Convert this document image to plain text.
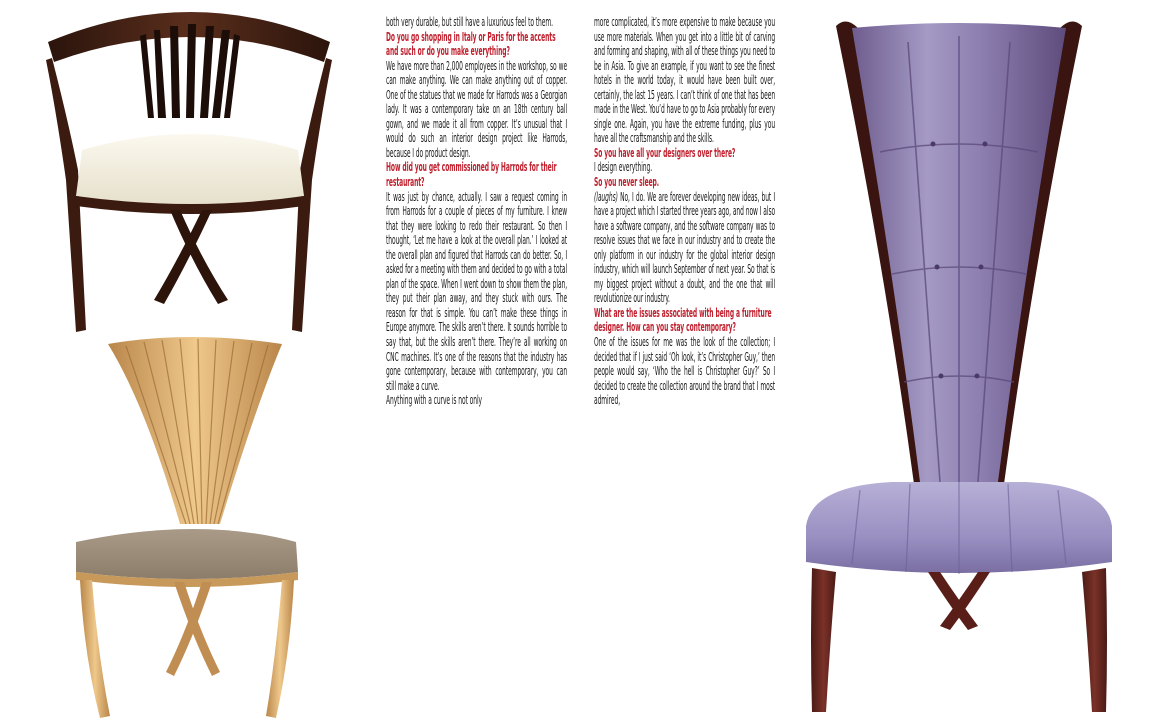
both very durable, but still have a luxurious feel to them.

Do you go shopping in Italy or Paris for the accents and such or do you make everything?

We have more than 2,000 employees in the workshop, so we can make anything. We can make anything out of copper. One of the statues that we made for Harrods was a Georgian lady. It was a contemporary take on an 18th century ball gown, and we made it all from copper. It’s unusual that I would do such an interior design project like Harrods, because I do product design.

How did you get commissioned by Harrods for their restaurant?

It was just by chance, actually. I saw a request coming in from Harrods for a couple of pieces of my furniture. I knew that they were looking to redo their restaurant. So then I thought, ‘Let me have a look at the overall plan.’ I looked at the overall plan and figured that Harrods can do better. So, I asked for a meeting with them and decided to go with a total plan of the space. When I went down to show them the plan, they put their plan away, and they stuck with ours. The reason for that is simple. You can’t make these things in Europe anymore. The skills aren’t there. It sounds horrible to say that, but the skills aren’t there. They’re all working on CNC machines. It’s one of the reasons that the industry has gone contemporary, because with contemporary, you can still make a curve.

Anything with a curve is not only

more complicated, it’s more expensive to make because you use more materials. When you get into a little bit of carving and forming and shaping, with all of these things you need to be in Asia. To give an example, if you want to see the finest hotels in the world today, it would have been built over, certainly, the last 15 years. I can’t think of one that has been made in the West. You’d have to go to Asia probably for every single one. Again, you have the extreme funding, plus you have all the craftsmanship and the skills.

So you have all your designers over there?

I design everything.

So you never sleep.

(laughs) No, I do. We are forever developing new ideas, but I have a project which I started three years ago, and now I also have a software company, and the software company was to resolve issues that we face in our industry and to create the only platform in our industry for the global interior design industry, which will launch September of next year. So that is my biggest project without a doubt, and the one that will revolutionize our industry.

What are the issues associated with being a furniture designer. How can you stay contemporary?

One of the issues for me was the look of the collection; I decided that if I just said ‘Oh look, it’s Christopher Guy,’ then people would say, ‘Who the hell is Christopher Guy?’ So I decided to create the collection around the brand that I most admired,
